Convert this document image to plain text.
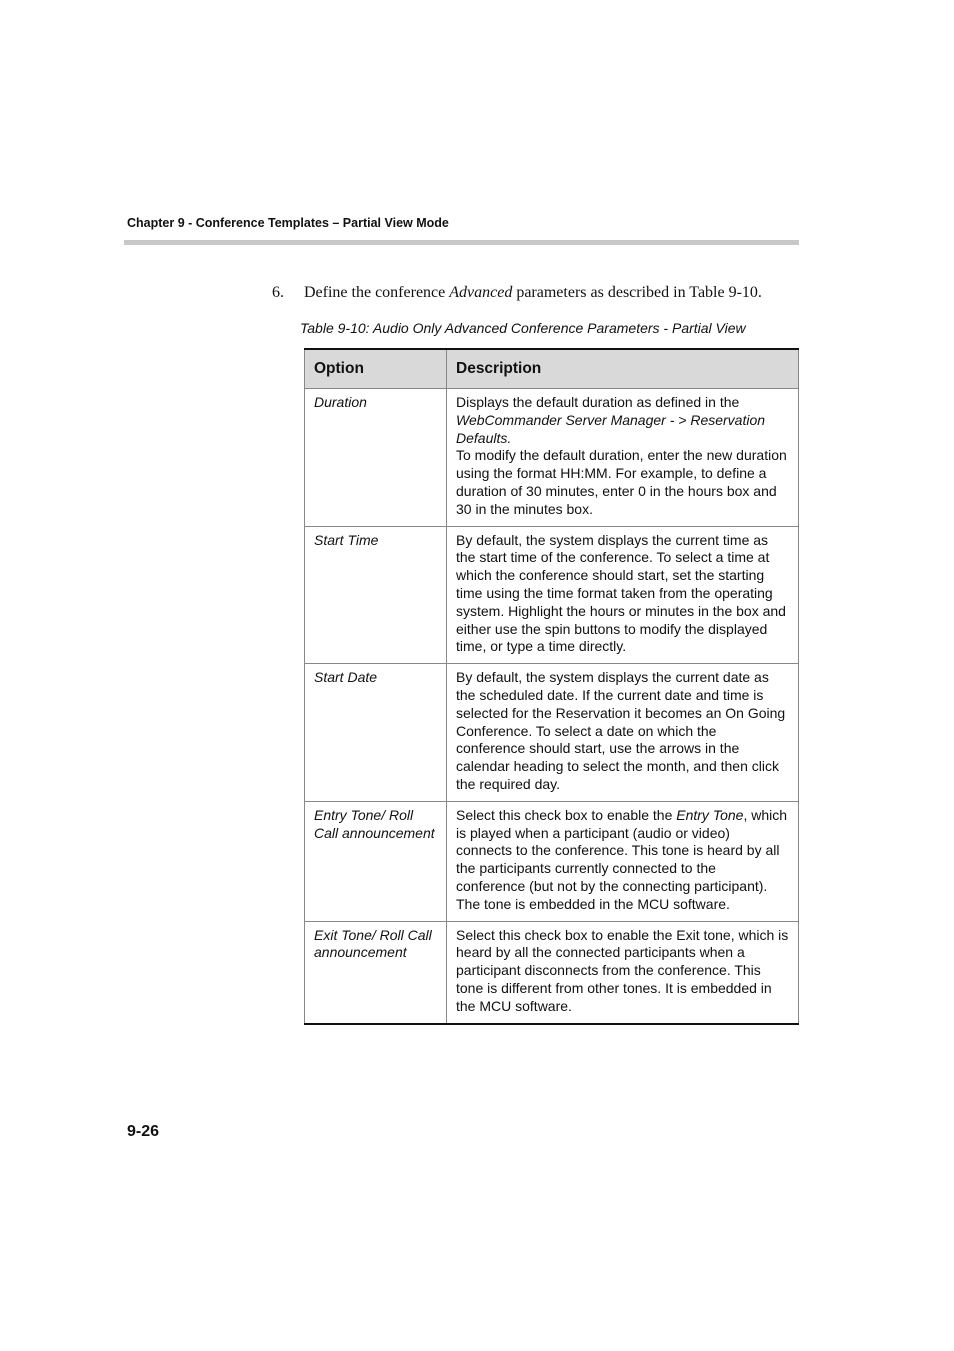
Chapter 9 - Conference Templates – Partial View Mode
6. Define the conference Advanced parameters as described in Table 9-10.
Table 9-10: Audio Only Advanced Conference Parameters - Partial View
Option	Description
Duration	Displays the default duration as defined in the WebCommander Server Manager - > Reservation Defaults.
To modify the default duration, enter the new duration using the format HH:MM. For example, to define a duration of 30 minutes, enter 0 in the hours box and 30 in the minutes box.
Start Time	By default, the system displays the current time as the start time of the conference. To select a time at which the conference should start, set the starting time using the time format taken from the operating system. Highlight the hours or minutes in the box and either use the spin buttons to modify the displayed time, or type a time directly.
Start Date	By default, the system displays the current date as the scheduled date. If the current date and time is selected for the Reservation it becomes an On Going Conference. To select a date on which the conference should start, use the arrows in the calendar heading to select the month, and then click the required day.
Entry Tone/ Roll Call announcement	Select this check box to enable the Entry Tone, which is played when a participant (audio or video) connects to the conference. This tone is heard by all the participants currently connected to the conference (but not by the connecting participant). The tone is embedded in the MCU software.
Exit Tone/ Roll Call announcement	Select this check box to enable the Exit tone, which is heard by all the connected participants when a participant disconnects from the conference. This tone is different from other tones. It is embedded in the MCU software.
9-26
